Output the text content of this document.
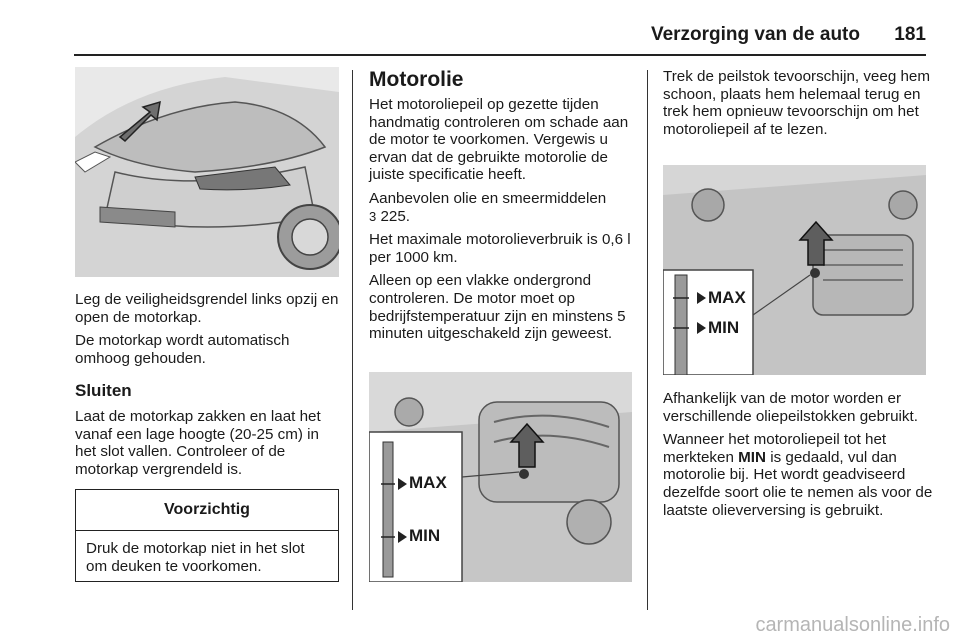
Verzorging van de auto	181

Leg de veiligheidsgrendel links opzij en open de motorkap.

De motorkap wordt automatisch omhoog gehouden.

Sluiten

Laat de motorkap zakken en laat het vanaf een lage hoogte (20-25 cm) in het slot vallen. Controleer of de motorkap vergrendeld is.

Voorzichtig
Druk de motorkap niet in het slot om deuken te voorkomen.
Motorolie

Het motoroliepeil op gezette tijden handmatig controleren om schade aan de motor te voorkomen. Vergewis u ervan dat de gebruikte motorolie de juiste specificatie heeft.

Aanbevolen olie en smeermiddelen
3 225.

Het maximale motorolieverbruik is 0,6 l per 1000 km.

Alleen op een vlakke ondergrond controleren. De motor moet op bedrijfstemperatuur zijn en minstens 5 minuten uitgeschakeld zijn geweest.

MAX
MIN

Trek de peilstok tevoorschijn, veeg hem schoon, plaats hem helemaal terug en trek hem opnieuw tevoorschijn om het motoroliepeil af te lezen.

MAX
MIN

Afhankelijk van de motor worden er verschillende oliepeilstokken gebruikt.

Wanneer het motoroliepeil tot het merkteken MIN is gedaald, vul dan motorolie bij. Het wordt geadviseerd dezelfde soort olie te nemen als voor de laatste olieverversing is gebruikt.

carmanualsonline.info
